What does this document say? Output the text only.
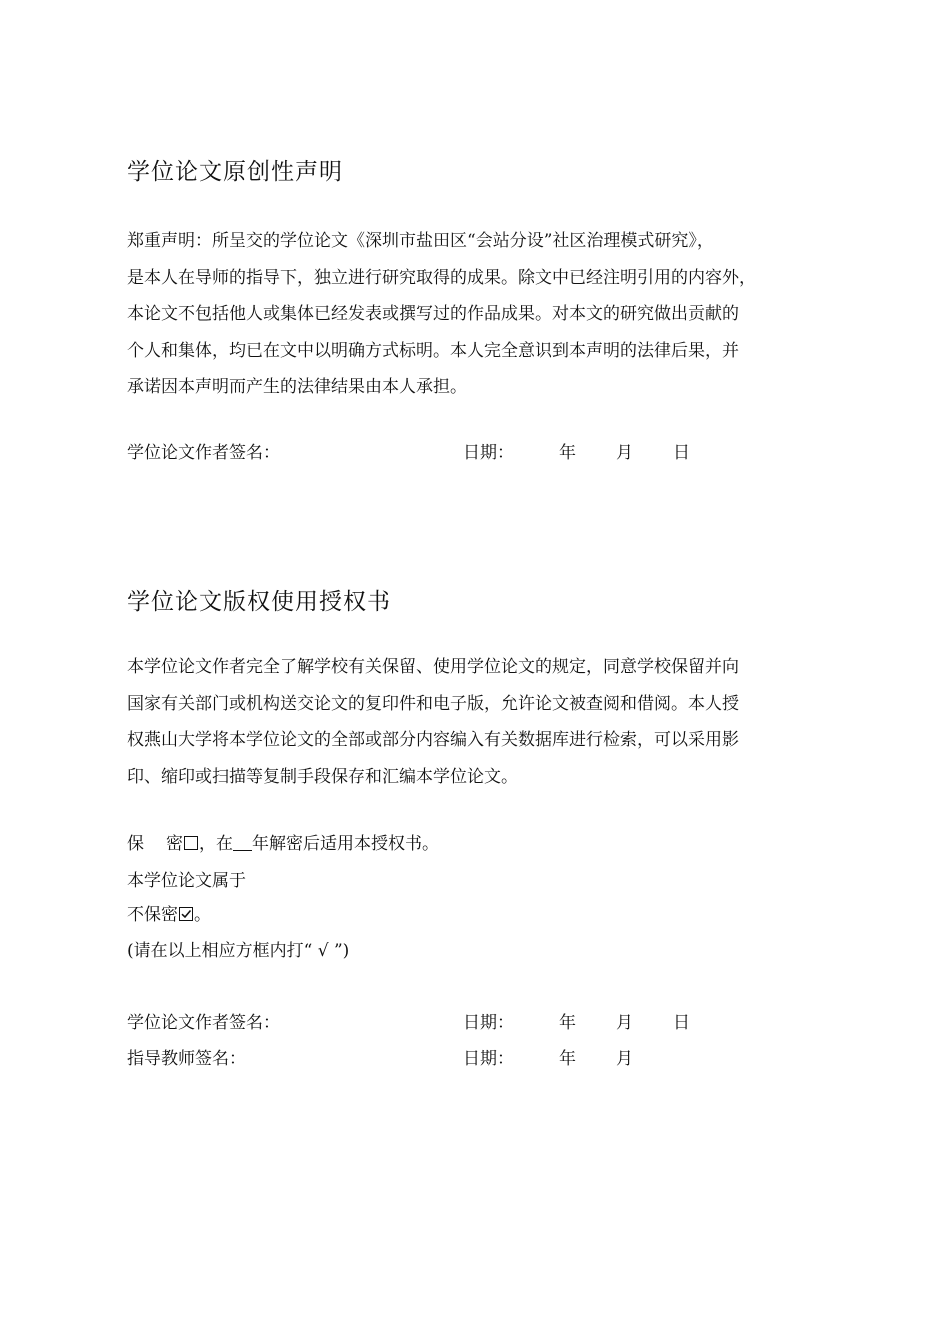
学位论文原创性声明
郑重声明：所呈交的学位论文《深圳市盐田区“会站分设”社区治理模式研究》，
是本人在导师的指导下，独立进行研究取得的成果。除文中已经注明引用的内容外，
本论文不包括他人或集体已经发表或撰写过的作品成果。对本文的研究做出贡献的
个人和集体，均已在文中以明确方式标明。本人完全意识到本声明的法律后果，并
承诺因本声明而产生的法律结果由本人承担。
学位论文作者签名：	日期：	年 月 日
学位论文版权使用授权书
本学位论文作者完全了解学校有关保留、使用学位论文的规定，同意学校保留并向
国家有关部门或机构送交论文的复印件和电子版，允许论文被查阅和借阅。本人授
权燕山大学将本学位论文的全部或部分内容编入有关数据库进行检索，可以采用影
印、缩印或扫描等复制手段保存和汇编本学位论文。
保 密 ，在 年解密后适用本授权书。
本学位论文属于
不保密 。
(请在以上相应方框内打“ √ ”)
学位论文作者签名：	日期：	年 月 日
指导教师签名：	日期：	年 月
